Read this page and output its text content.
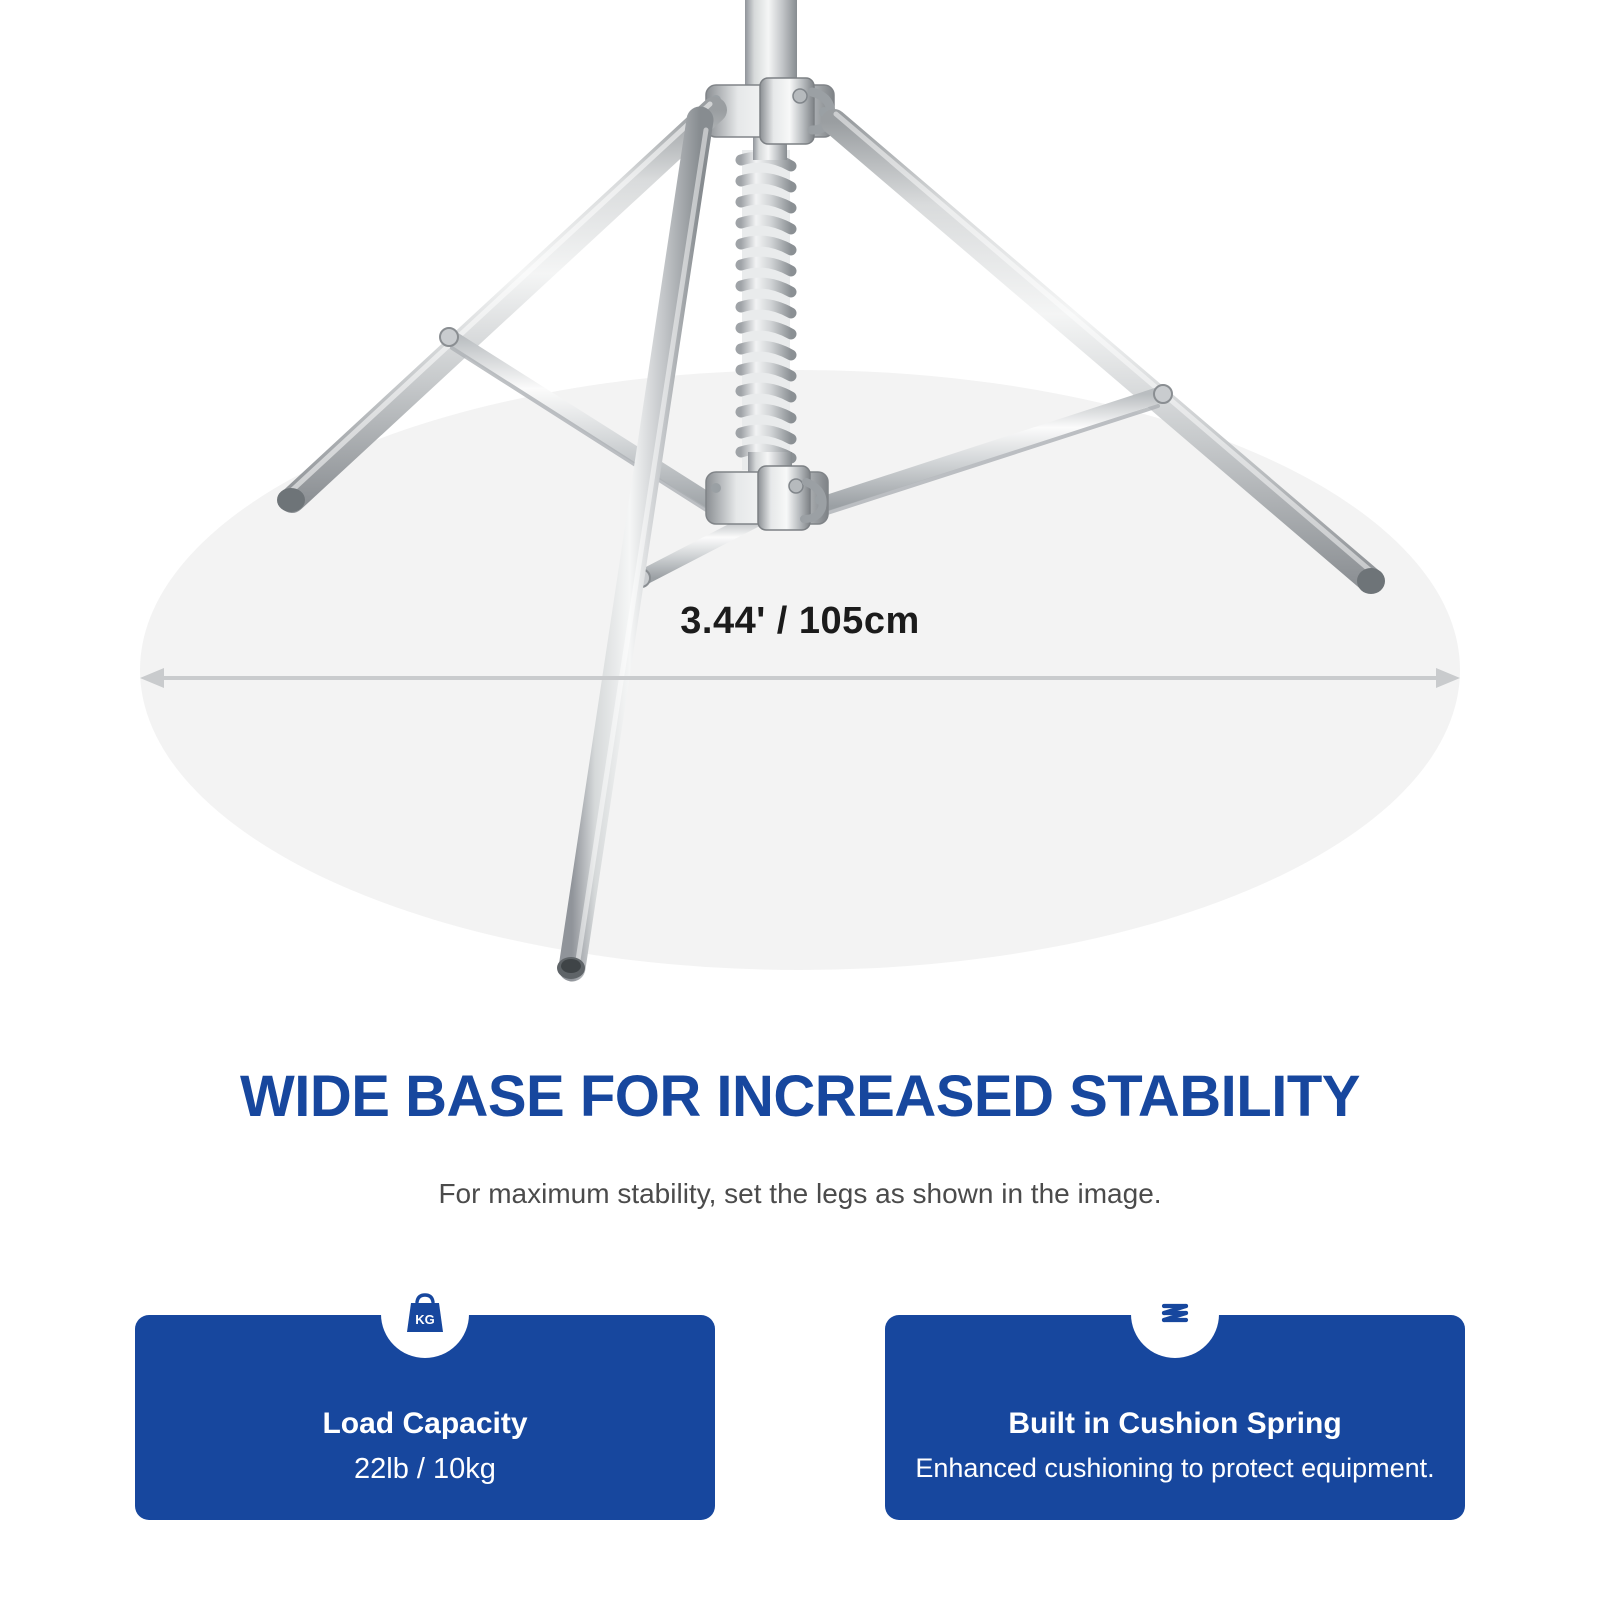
3.44' / 105cm
WIDE BASE FOR INCREASED STABILITY
For maximum stability, set the legs as shown in the image.
KG
Load Capacity
22lb / 10kg
Built in Cushion Spring
Enhanced cushioning to protect equipment.
